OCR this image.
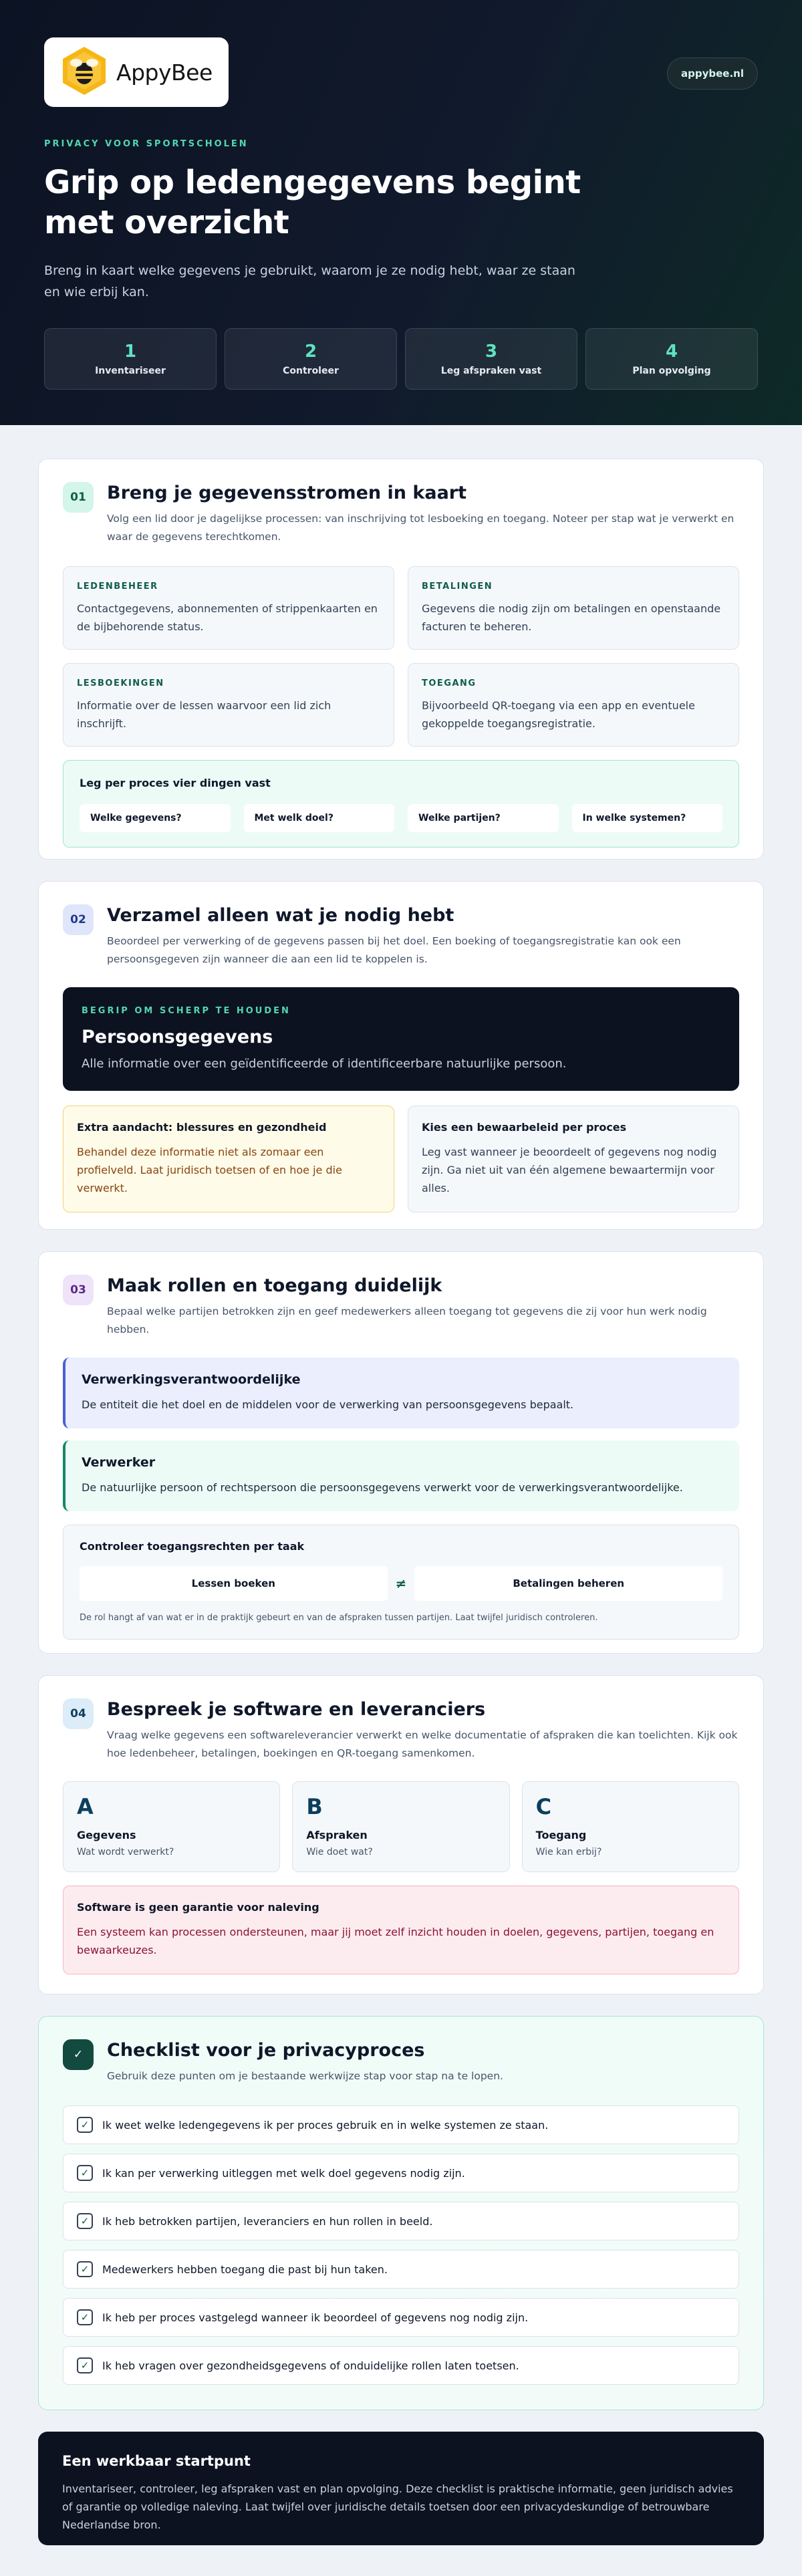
AppyBee	appybee.nl
PRIVACY VOOR SPORTSCHOLEN
Grip op ledengegevens begint met overzicht

Breng in kaart welke gegevens je gebruikt, waarom je ze nodig hebt, waar ze staan en wie erbij kan.

1
Inventariseer
2
Controleer
3
Leg afspraken vast
4
Plan opvolging
01	Breng je gegevensstromen in kaart
Volg een lid door je dagelijkse processen: van inschrijving tot lesboeking en toegang. Noteer per stap wat je verwerkt en waar de gegevens terechtkomen.
LEDENBEHEER
Contactgegevens, abonnementen of strippenkaarten en de bijbehorende status.
BETALINGEN
Gegevens die nodig zijn om betalingen en openstaande facturen te beheren.
LESBOEKINGEN
Informatie over de lessen waarvoor een lid zich inschrijft.
TOEGANG
Bijvoorbeeld QR-toegang via een app en eventuele gekoppelde toegangsregistratie.
Leg per proces vier dingen vast
Welke gegevens?	Met welk doel?	Welke partijen?	In welke systemen?
02	Verzamel alleen wat je nodig hebt
Beoordeel per verwerking of de gegevens passen bij het doel. Een boeking of toegangsregistratie kan ook een persoonsgegeven zijn wanneer die aan een lid te koppelen is.
BEGRIP OM SCHERP TE HOUDEN
Persoonsgegevens
Alle informatie over een geïdentificeerde of identificeerbare natuurlijke persoon.
Extra aandacht: blessures en gezondheid
Behandel deze informatie niet als zomaar een profielveld. Laat juridisch toetsen of en hoe je die verwerkt.
Kies een bewaarbeleid per proces
Leg vast wanneer je beoordeelt of gegevens nog nodig zijn. Ga niet uit van één algemene bewaartermijn voor alles.
03	Maak rollen en toegang duidelijk
Bepaal welke partijen betrokken zijn en geef medewerkers alleen toegang tot gegevens die zij voor hun werk nodig hebben.
Verwerkingsverantwoordelijke
De entiteit die het doel en de middelen voor de verwerking van persoonsgegevens bepaalt.
Verwerker
De natuurlijke persoon of rechtspersoon die persoonsgegevens verwerkt voor de verwerkingsverantwoordelijke.
Controleer toegangsrechten per taak
Lessen boeken	≠	Betalingen beheren
De rol hangt af van wat er in de praktijk gebeurt en van de afspraken tussen partijen. Laat twijfel juridisch controleren.
04	Bespreek je software en leveranciers
Vraag welke gegevens een softwareleverancier verwerkt en welke documentatie of afspraken die kan toelichten. Kijk ook hoe ledenbeheer, betalingen, boekingen en QR-toegang samenkomen.
A
Gegevens
Wat wordt verwerkt?
B
Afspraken
Wie doet wat?
C
Toegang
Wie kan erbij?
Software is geen garantie voor naleving
Een systeem kan processen ondersteunen, maar jij moet zelf inzicht houden in doelen, gegevens, partijen, toegang en bewaarkeuzes.
✓	Checklist voor je privacyproces
Gebruik deze punten om je bestaande werkwijze stap voor stap na te lopen.
✓	Ik weet welke ledengegevens ik per proces gebruik en in welke systemen ze staan.
✓	Ik kan per verwerking uitleggen met welk doel gegevens nodig zijn.
✓	Ik heb betrokken partijen, leveranciers en hun rollen in beeld.
✓	Medewerkers hebben toegang die past bij hun taken.
✓	Ik heb per proces vastgelegd wanneer ik beoordeel of gegevens nog nodig zijn.
✓	Ik heb vragen over gezondheidsgegevens of onduidelijke rollen laten toetsen.
Een werkbaar startpunt
Inventariseer, controleer, leg afspraken vast en plan opvolging. Deze checklist is praktische informatie, geen juridisch advies of garantie op volledige naleving. Laat twijfel over juridische details toetsen door een privacydeskundige of betrouwbare Nederlandse bron.
